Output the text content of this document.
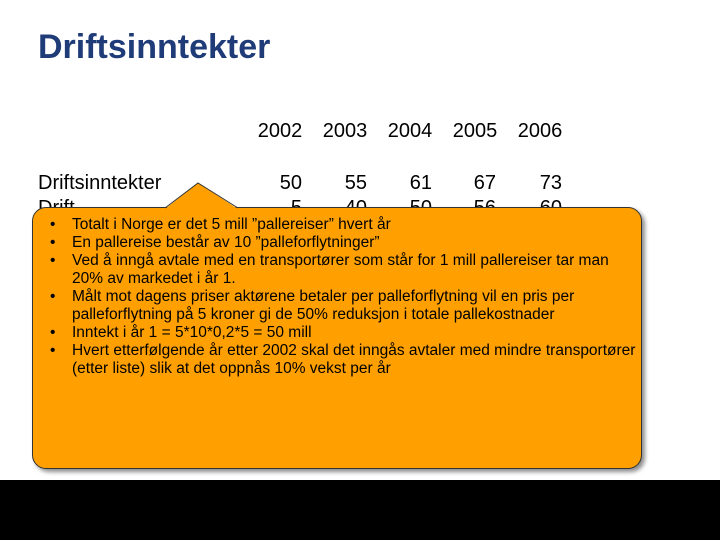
Driftsinntekter
2002	2003	2004	2005	2006
Driftsinntekter	50	55	61	67	73
• Totalt i Norge er det 5 mill ”pallereiser” hvert år
• En pallereise består av 10 ”palleforflytninger”
• Ved å inngå avtale med en transportører som står for 1 mill pallereiser tar man 20% av markedet i år 1.
• Målt mot dagens priser aktørene betaler per palleforflytning vil en pris per palleforflytning på 5 kroner gi de 50% reduksjon i totale pallekostnader
• Inntekt i år 1 = 5*10*0,2*5 = 50 mill
• Hvert etterfølgende år etter 2002 skal det inngås avtaler med mindre transportører (etter liste) slik at det oppnås 10% vekst per år
